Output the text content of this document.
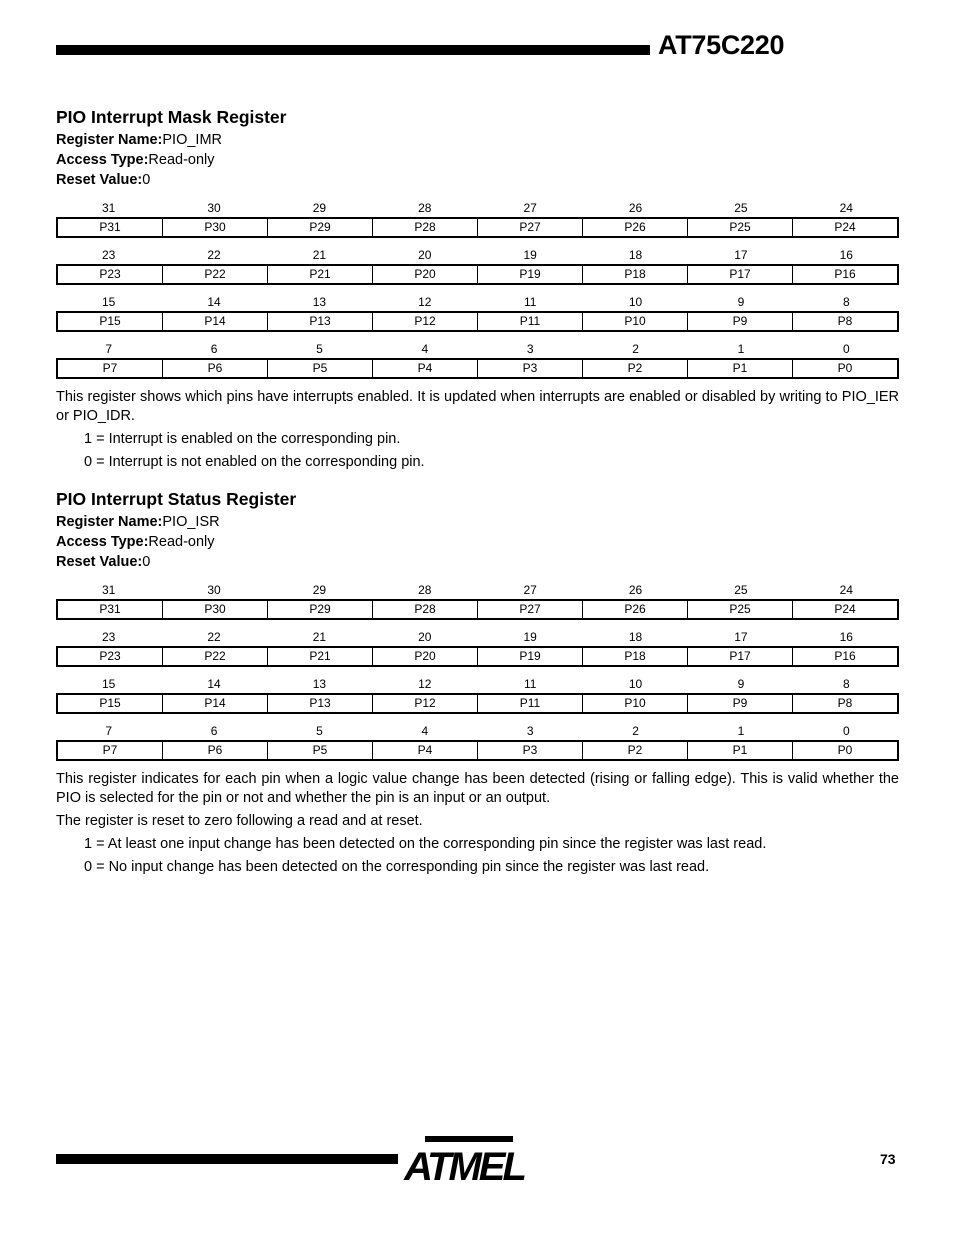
AT75C220
PIO Interrupt Mask Register
Register Name:PIO_IMR
Access Type:Read-only
Reset Value:0
31	30	29	28	27	26	25	24
P31	P30	P29	P28	P27	P26	P25	P24
23	22	21	20	19	18	17	16
P23	P22	P21	P20	P19	P18	P17	P16
15	14	13	12	11	10	9	8
P15	P14	P13	P12	P11	P10	P9	P8
7	6	5	4	3	2	1	0
P7	P6	P5	P4	P3	P2	P1	P0

This register shows which pins have interrupts enabled. It is updated when interrupts are enabled or disabled by writing to PIO_IER or PIO_IDR.

1 = Interrupt is enabled on the corresponding pin.
0 = Interrupt is not enabled on the corresponding pin.
PIO Interrupt Status Register
Register Name:PIO_ISR
Access Type:Read-only
Reset Value:0
31	30	29	28	27	26	25	24
P31	P30	P29	P28	P27	P26	P25	P24
23	22	21	20	19	18	17	16
P23	P22	P21	P20	P19	P18	P17	P16
15	14	13	12	11	10	9	8
P15	P14	P13	P12	P11	P10	P9	P8
7	6	5	4	3	2	1	0
P7	P6	P5	P4	P3	P2	P1	P0

This register indicates for each pin when a logic value change has been detected (rising or falling edge). This is valid whether the PIO is selected for the pin or not and whether the pin is an input or an output.

The register is reset to zero following a read and at reset.

1 = At least one input change has been detected on the corresponding pin since the register was last read.
0 = No input change has been detected on the corresponding pin since the register was last read.
ATMEL	73
